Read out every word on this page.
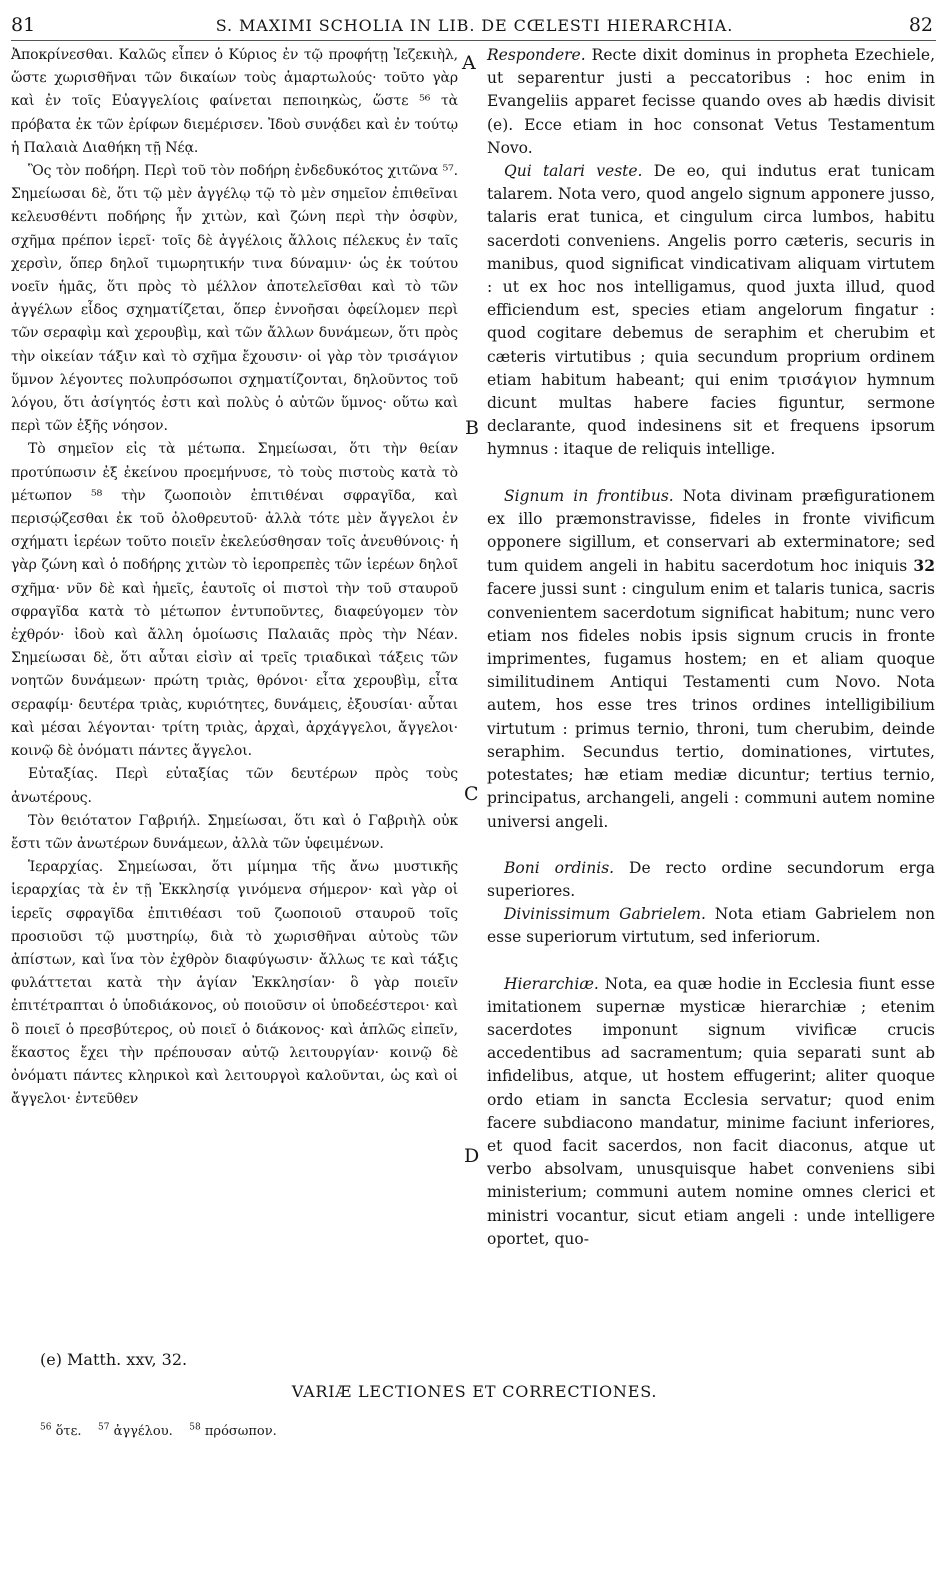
81	S. MAXIMI SCHOLIA IN LIB. DE CŒLESTI HIERARCHIA.	82

Ἀποκρίνεσθαι. Καλῶς εἶπεν ὁ Κύριος ἐν τῷ προφήτῃ Ἰεζεκιὴλ, ὥστε χωρισθῆναι τῶν δικαίων τοὺς ἁμαρτωλούς· τοῦτο γὰρ καὶ ἐν τοῖς Εὐαγγελίοις φαίνεται πεποιηκὼς, ὥστε ⁵⁶ τὰ πρόβατα ἐκ τῶν ἐρίφων διεμέρισεν. Ἰδοὺ συνᾴδει καὶ ἐν τούτῳ ἡ Παλαιὰ Διαθήκη τῇ Νέᾳ.

Ὃς τὸν ποδήρη. Περὶ τοῦ τὸν ποδήρη ἐνδεδυκότος χιτῶνα ⁵⁷. Σημείωσαι δὲ, ὅτι τῷ μὲν ἀγγέλῳ τῷ τὸ μὲν σημεῖον ἐπιθεῖναι κελευσθέντι ποδήρης ἦν χιτὼν, καὶ ζώνη περὶ τὴν ὀσφὺν, σχῆμα πρέπον ἱερεῖ· τοῖς δὲ ἀγγέλοις ἄλλοις πέλεκυς ἐν ταῖς χερσὶν, ὅπερ δηλοῖ τιμωρητικήν τινα δύναμιν· ὡς ἐκ τούτου νοεῖν ἡμᾶς, ὅτι πρὸς τὸ μέλλον ἀποτελεῖσθαι καὶ τὸ τῶν ἀγγέλων εἶδος σχηματίζεται, ὅπερ ἐννοῆσαι ὀφείλομεν περὶ τῶν σεραφὶμ καὶ χερουβὶμ, καὶ τῶν ἄλλων δυνάμεων, ὅτι πρὸς τὴν οἰκείαν τάξιν καὶ τὸ σχῆμα ἔχουσιν· οἱ γὰρ τὸν τρισάγιον ὕμνον λέγοντες πολυπρόσωποι σχηματίζονται, δηλοῦντος τοῦ λόγου, ὅτι ἀσίγητός ἐστι καὶ πολὺς ὁ αὐτῶν ὕμνος· οὕτω καὶ περὶ τῶν ἑξῆς νόησον.

Τὸ σημεῖον εἰς τὰ μέτωπα. Σημείωσαι, ὅτι τὴν θείαν προτύπωσιν ἐξ ἐκείνου προεμήνυσε, τὸ τοὺς πιστοὺς κατὰ τὸ μέτωπον ⁵⁸ τὴν ζωοποιὸν ἐπιτιθέναι σφραγῖδα, καὶ περισῴζεσθαι ἐκ τοῦ ὀλοθρευτοῦ· ἀλλὰ τότε μὲν ἄγγελοι ἐν σχήματι ἱερέων τοῦτο ποιεῖν ἐκελεύσθησαν τοῖς ἀνευθύνοις· ἡ γὰρ ζώνη καὶ ὁ ποδήρης χιτὼν τὸ ἱεροπρεπὲς τῶν ἱερέων δηλοῖ σχῆμα· νῦν δὲ καὶ ἡμεῖς, ἑαυτοῖς οἱ πιστοὶ τὴν τοῦ σταυροῦ σφραγῖδα κατὰ τὸ μέτωπον ἐντυποῦντες, διαφεύγομεν τὸν ἐχθρόν· ἰδοὺ καὶ ἄλλη ὁμοίωσις Παλαιᾶς πρὸς τὴν Νέαν. Σημείωσαι δὲ, ὅτι αὗται εἰσὶν αἱ τρεῖς τριαδικαὶ τάξεις τῶν νοητῶν δυνάμεων· πρώτη τριὰς, θρόνοι· εἶτα χερουβὶμ, εἶτα σεραφίμ· δευτέρα τριὰς, κυριότητες, δυνάμεις, ἐξουσίαι· αὗται καὶ μέσαι λέγονται· τρίτη τριὰς, ἀρχαὶ, ἀρχάγγελοι, ἄγγελοι· κοινῷ δὲ ὀνόματι πάντες ἄγγελοι.

Εὐταξίας. Περὶ εὐταξίας τῶν δευτέρων πρὸς τοὺς ἀνωτέρους.

Τὸν θειότατον Γαβριήλ. Σημείωσαι, ὅτι καὶ ὁ Γαβριὴλ οὐκ ἔστι τῶν ἀνωτέρων δυνάμεων, ἀλλὰ τῶν ὑφειμένων.

Ἱεραρχίας. Σημείωσαι, ὅτι μίμημα τῆς ἄνω μυστικῆς ἱεραρχίας τὰ ἐν τῇ Ἐκκλησίᾳ γινόμενα σήμερον· καὶ γὰρ οἱ ἱερεῖς σφραγῖδα ἐπιτιθέασι τοῦ ζωοποιοῦ σταυροῦ τοῖς προσιοῦσι τῷ μυστηρίῳ, διὰ τὸ χωρισθῆναι αὐτοὺς τῶν ἀπίστων, καὶ ἵνα τὸν ἐχθρὸν διαφύγωσιν· ἄλλως τε καὶ τάξις φυλάττεται κατὰ τὴν ἁγίαν Ἐκκλησίαν· ὃ γὰρ ποιεῖν ἐπιτέτραπται ὁ ὑποδιάκονος, οὐ ποιοῦσιν οἱ ὑποδεέστεροι· καὶ ὃ ποιεῖ ὁ πρεσβύτερος, οὐ ποιεῖ ὁ διάκονος· καὶ ἁπλῶς εἰπεῖν, ἕκαστος ἔχει τὴν πρέπουσαν αὐτῷ λειτουργίαν· κοινῷ δὲ ὀνόματι πάντες κληρικοὶ καὶ λειτουργοὶ καλοῦνται, ὡς καὶ οἱ ἄγγελοι· ἐντεῦθεν

A
B
C
D

Respondere. Recte dixit dominus in propheta Ezechiele, ut separentur justi a peccatoribus : hoc enim in Evangeliis apparet fecisse quando oves ab hædis divisit (e). Ecce etiam in hoc consonat Vetus Testamentum Novo.

Qui talari veste. De eo, qui indutus erat tunicam talarem. Nota vero, quod angelo signum apponere jusso, talaris erat tunica, et cingulum circa lumbos, habitu sacerdoti conveniens. Angelis porro cæteris, securis in manibus, quod significat vindicativam aliquam virtutem : ut ex hoc nos intelligamus, quod juxta illud, quod efficiendum est, species etiam angelorum fingatur : quod cogitare debemus de seraphim et cherubim et cæteris virtutibus ; quia secundum proprium ordinem etiam habitum habeant; qui enim τρισάγιον hymnum dicunt multas habere facies figuntur, sermone declarante, quod indesinens sit et frequens ipsorum hymnus : itaque de reliquis intellige.

Signum in frontibus. Nota divinam præfigurationem ex illo præmonstravisse, fideles in fronte vivificum opponere sigillum, et conservari ab exterminatore; sed tum quidem angeli in habitu sacerdotum hoc iniquis 32 facere jussi sunt : cingulum enim et talaris tunica, sacris convenientem sacerdotum significat habitum; nunc vero etiam nos fideles nobis ipsis signum crucis in fronte imprimentes, fugamus hostem; en et aliam quoque similitudinem Antiqui Testamenti cum Novo. Nota autem, hos esse tres trinos ordines intelligibilium virtutum : primus ternio, throni, tum cherubim, deinde seraphim. Secundus tertio, dominationes, virtutes, potestates; hæ etiam mediæ dicuntur; tertius ternio, principatus, archangeli, angeli : communi autem nomine universi angeli.

Boni ordinis. De recto ordine secundorum erga superiores.

Divinissimum Gabrielem. Nota etiam Gabrielem non esse superiorum virtutum, sed inferiorum.

Hierarchiæ. Nota, ea quæ hodie in Ecclesia fiunt esse imitationem supernæ mysticæ hierarchiæ ; etenim sacerdotes imponunt signum vivificæ crucis accedentibus ad sacramentum; quia separati sunt ab infidelibus, atque, ut hostem effugerint; aliter quoque ordo etiam in sancta Ecclesia servatur; quod enim facere subdiacono mandatur, minime faciunt inferiores, et quod facit sacerdos, non facit diaconus, atque ut verbo absolvam, unusquisque habet conveniens sibi ministerium; communi autem nomine omnes clerici et ministri vocantur, sicut etiam angeli : unde intelligere oportet, quo-

(e) Matth. xxv, 32.
VARIÆ LECTIONES ET CORRECTIONES.
$^{56}$ ὅτε. $^{57}$ ἀγγέλου. $^{58}$ πρόσωπον.
